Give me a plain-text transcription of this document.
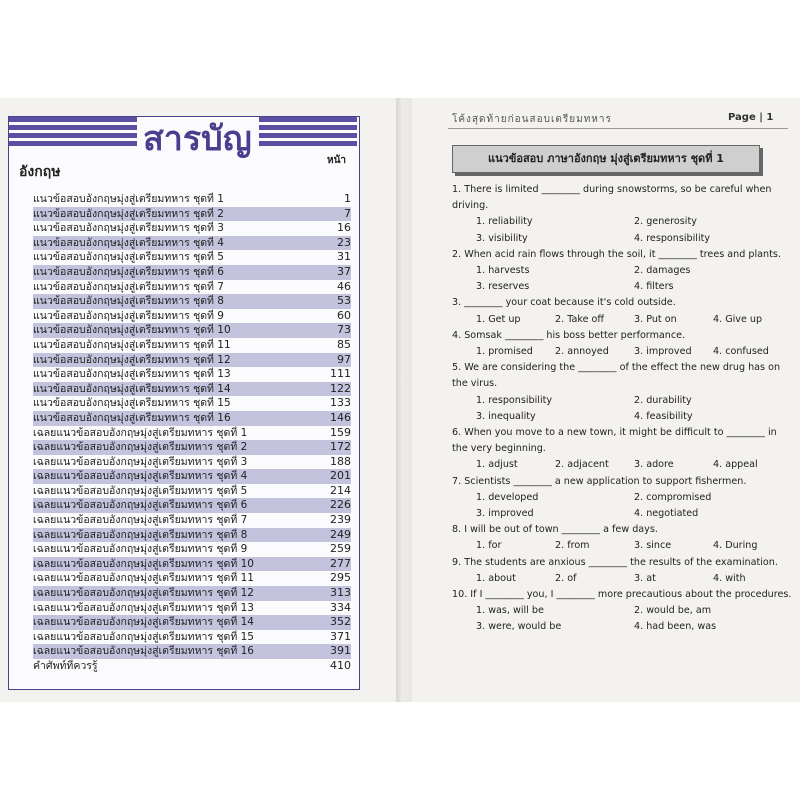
สารบัญ
อังกฤษ
หน้า
แนวข้อสอบอังกฤษมุ่งสู่เตรียมทหาร ชุดที่ 1	1
แนวข้อสอบอังกฤษมุ่งสู่เตรียมทหาร ชุดที่ 2	7
แนวข้อสอบอังกฤษมุ่งสู่เตรียมทหาร ชุดที่ 3	16
แนวข้อสอบอังกฤษมุ่งสู่เตรียมทหาร ชุดที่ 4	23
แนวข้อสอบอังกฤษมุ่งสู่เตรียมทหาร ชุดที่ 5	31
แนวข้อสอบอังกฤษมุ่งสู่เตรียมทหาร ชุดที่ 6	37
แนวข้อสอบอังกฤษมุ่งสู่เตรียมทหาร ชุดที่ 7	46
แนวข้อสอบอังกฤษมุ่งสู่เตรียมทหาร ชุดที่ 8	53
แนวข้อสอบอังกฤษมุ่งสู่เตรียมทหาร ชุดที่ 9	60
แนวข้อสอบอังกฤษมุ่งสู่เตรียมทหาร ชุดที่ 10	73
แนวข้อสอบอังกฤษมุ่งสู่เตรียมทหาร ชุดที่ 11	85
แนวข้อสอบอังกฤษมุ่งสู่เตรียมทหาร ชุดที่ 12	97
แนวข้อสอบอังกฤษมุ่งสู่เตรียมทหาร ชุดที่ 13	111
แนวข้อสอบอังกฤษมุ่งสู่เตรียมทหาร ชุดที่ 14	122
แนวข้อสอบอังกฤษมุ่งสู่เตรียมทหาร ชุดที่ 15	133
แนวข้อสอบอังกฤษมุ่งสู่เตรียมทหาร ชุดที่ 16	146
เฉลยแนวข้อสอบอังกฤษมุ่งสู่เตรียมทหาร ชุดที่ 1	159
เฉลยแนวข้อสอบอังกฤษมุ่งสู่เตรียมทหาร ชุดที่ 2	172
เฉลยแนวข้อสอบอังกฤษมุ่งสู่เตรียมทหาร ชุดที่ 3	188
เฉลยแนวข้อสอบอังกฤษมุ่งสู่เตรียมทหาร ชุดที่ 4	201
เฉลยแนวข้อสอบอังกฤษมุ่งสู่เตรียมทหาร ชุดที่ 5	214
เฉลยแนวข้อสอบอังกฤษมุ่งสู่เตรียมทหาร ชุดที่ 6	226
เฉลยแนวข้อสอบอังกฤษมุ่งสู่เตรียมทหาร ชุดที่ 7	239
เฉลยแนวข้อสอบอังกฤษมุ่งสู่เตรียมทหาร ชุดที่ 8	249
เฉลยแนวข้อสอบอังกฤษมุ่งสู่เตรียมทหาร ชุดที่ 9	259
เฉลยแนวข้อสอบอังกฤษมุ่งสู่เตรียมทหาร ชุดที่ 10	277
เฉลยแนวข้อสอบอังกฤษมุ่งสู่เตรียมทหาร ชุดที่ 11	295
เฉลยแนวข้อสอบอังกฤษมุ่งสู่เตรียมทหาร ชุดที่ 12	313
เฉลยแนวข้อสอบอังกฤษมุ่งสู่เตรียมทหาร ชุดที่ 13	334
เฉลยแนวข้อสอบอังกฤษมุ่งสู่เตรียมทหาร ชุดที่ 14	352
เฉลยแนวข้อสอบอังกฤษมุ่งสู่เตรียมทหาร ชุดที่ 15	371
เฉลยแนวข้อสอบอังกฤษมุ่งสู่เตรียมทหาร ชุดที่ 16	391
คำศัพท์ที่ควรรู้	410
โค้งสุดท้ายก่อนสอบเตรียมทหาร	Page | 1
แนวข้อสอบ ภาษาอังกฤษ มุ่งสู่เตรียมทหาร ชุดที่ 1

1. There is limited ________ during snowstorms, so be careful when driving.

1. reliability	2. generosity
3. visibility	4. responsibility

2. When acid rain flows through the soil, it ________ trees and plants.

1. harvests	2. damages
3. reserves	4. filters

3. ________ your coat because it's cold outside.

1. Get up	2. Take off	3. Put on	4. Give up

4. Somsak ________ his boss better performance.

1. promised	2. annoyed	3. improved	4. confused

5. We are considering the ________ of the effect the new drug has on the virus.

1. responsibility	2. durability
3. inequality	4. feasibility

6. When you move to a new town, it might be difficult to ________ in the very beginning.

1. adjust	2. adjacent	3. adore	4. appeal

7. Scientists ________ a new application to support fishermen.

1. developed	2. compromised
3. improved	4. negotiated

8. I will be out of town ________ a few days.

1. for	2. from	3. since	4. During

9. The students are anxious ________ the results of the examination.

1. about	2. of	3. at	4. with

10. If I ________ you, I ________ more precautious about the procedures.

1. was, will be	2. would be, am
3. were, would be	4. had been, was
